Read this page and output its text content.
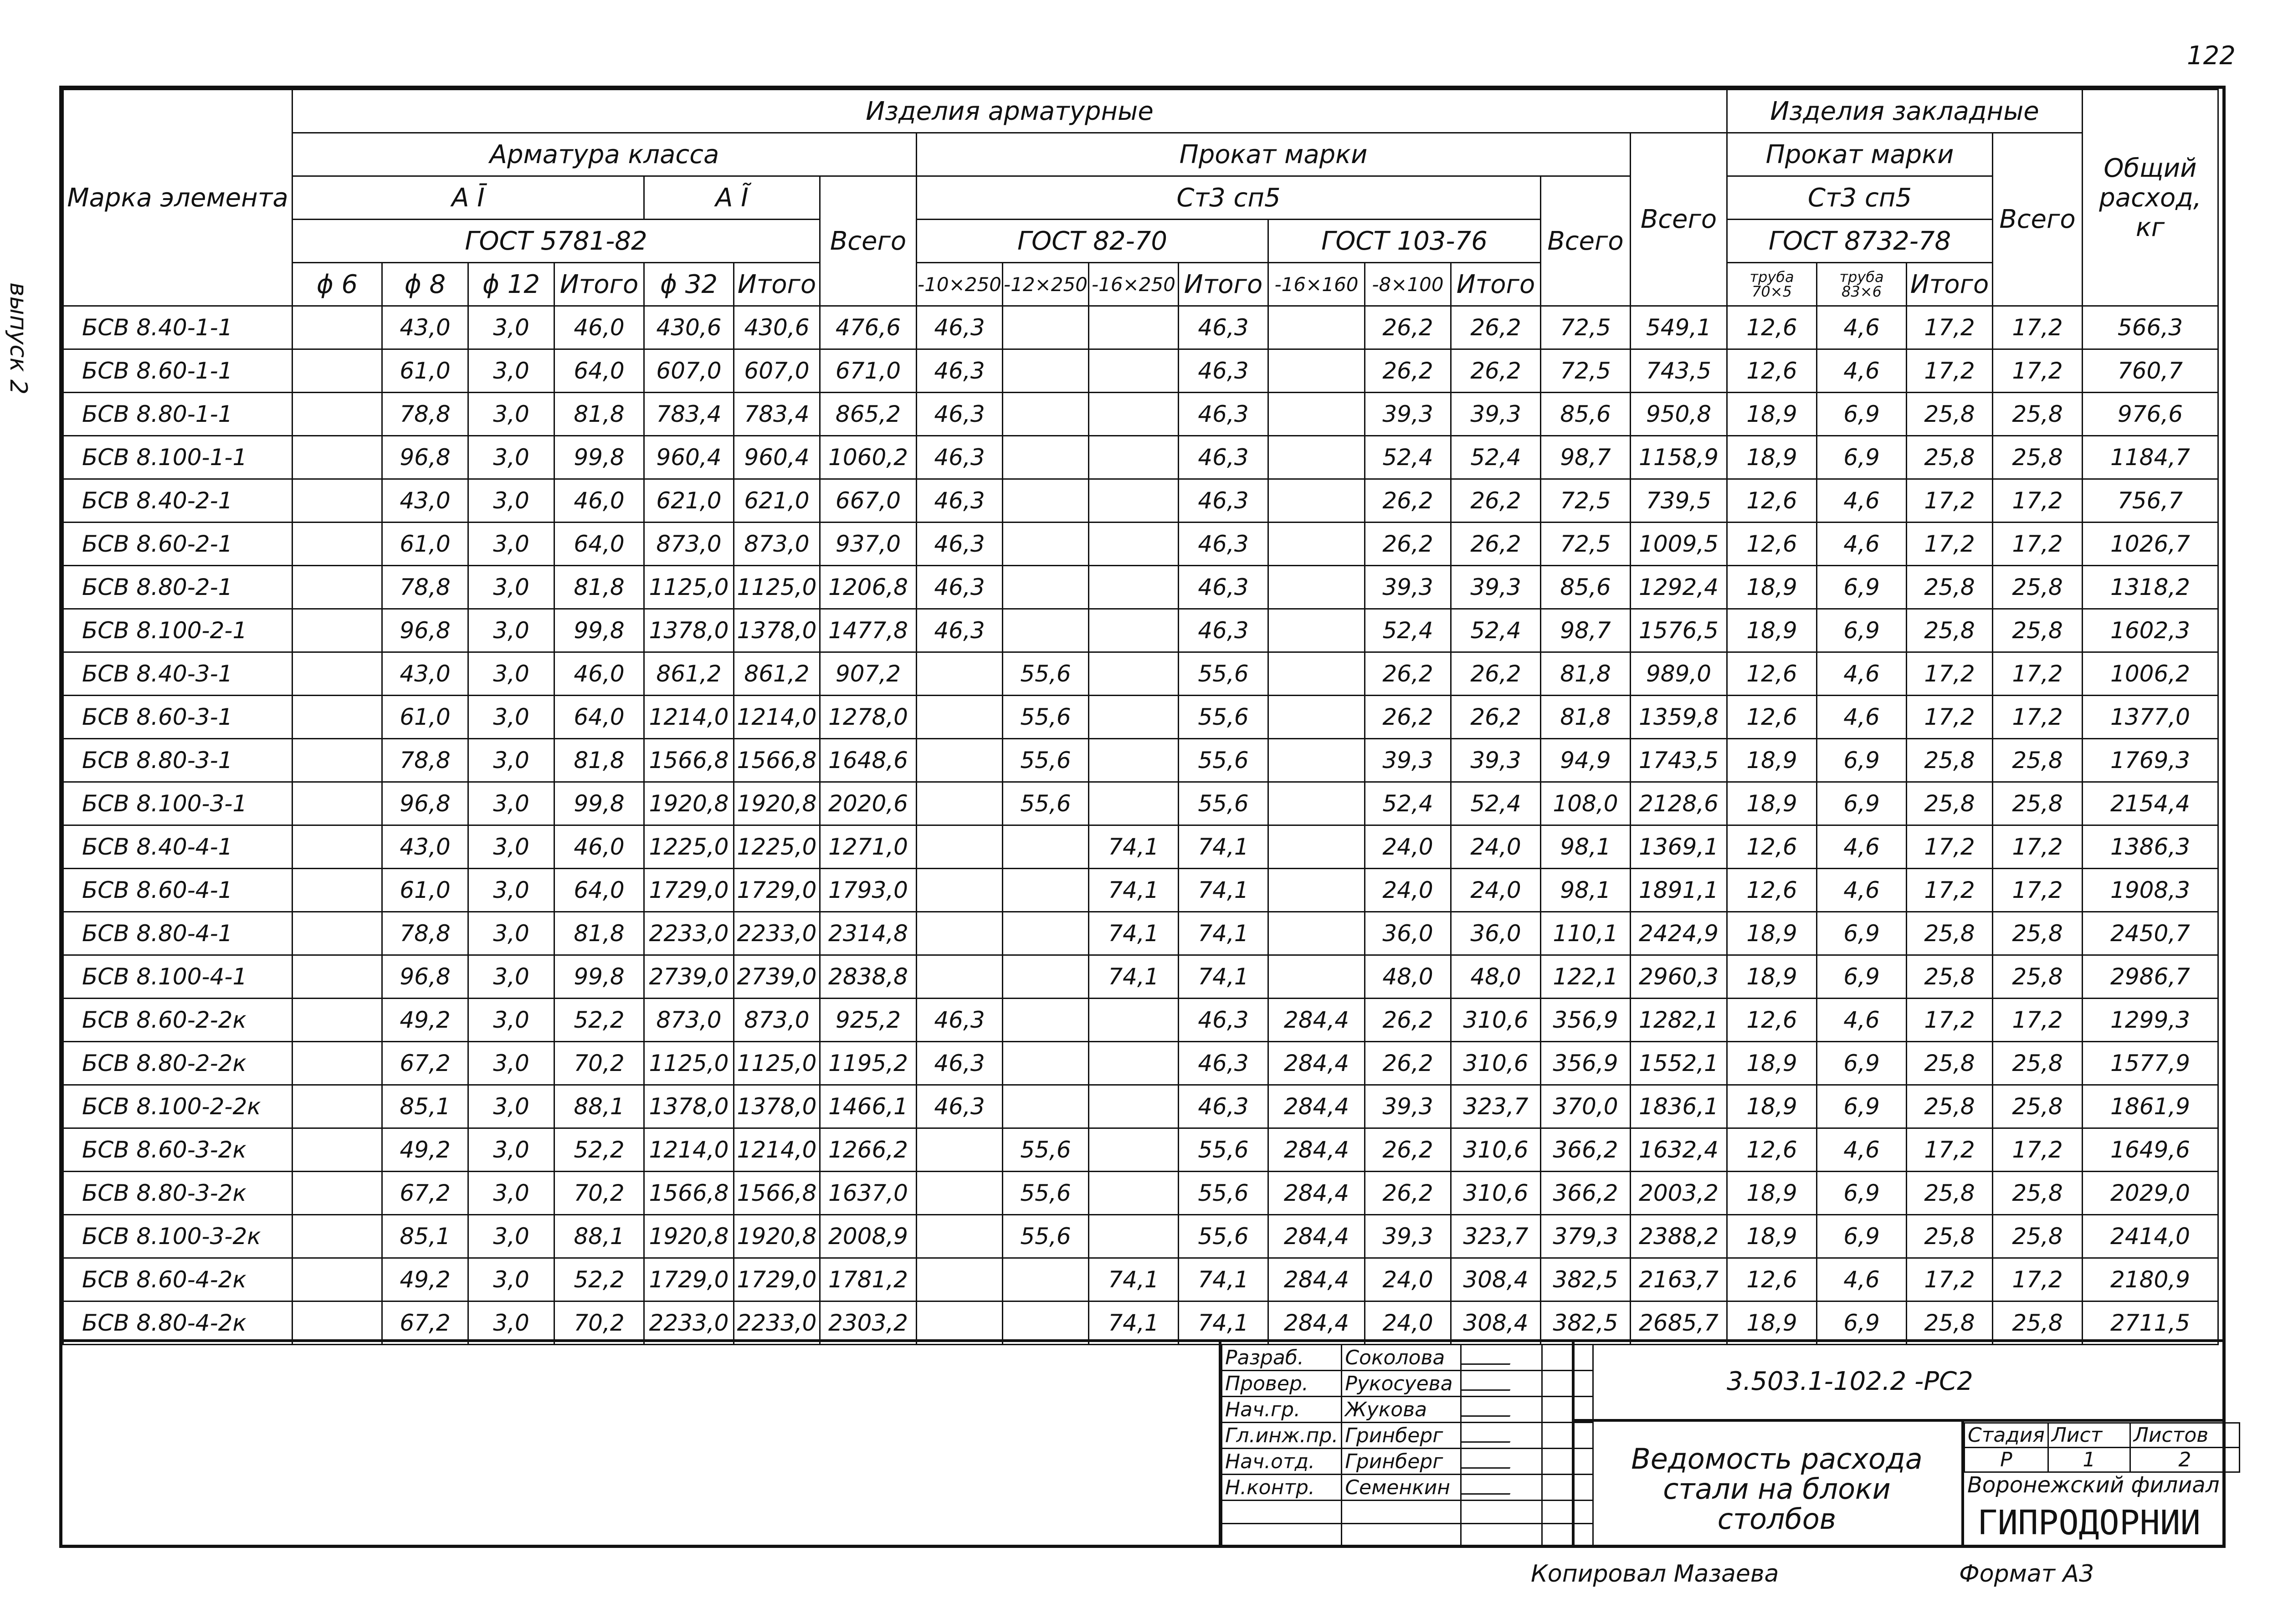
122
выпуск 2
Марка элемента	Изделия арматурные																Изделия закладные				Общий расход, кг
	Арматура класса							Прокат марки								Всего	Прокат марки			Всего	
	А Ī				А Ĩ		Всего	Ст3 сп5							Всего		Ст3 сп5				
	ГОСТ 5781-82							ГОСТ 82-70				ГОСТ 103-76					ГОСТ 8732-78				
	ϕ 6	ϕ 8	ϕ 12	Итого	ϕ 32	Итого		-10×250	-12×250	-16×250	Итого	-16×160	-8×100	Итого			труба 70×5	труба 83×6	Итого		
БСВ 8.40-1-1		43,0	3,0	46,0	430,6	430,6	476,6	46,3			46,3		26,2	26,2	72,5	549,1	12,6	4,6	17,2	17,2	566,3
БСВ 8.60-1-1		61,0	3,0	64,0	607,0	607,0	671,0	46,3			46,3		26,2	26,2	72,5	743,5	12,6	4,6	17,2	17,2	760,7
БСВ 8.80-1-1		78,8	3,0	81,8	783,4	783,4	865,2	46,3			46,3		39,3	39,3	85,6	950,8	18,9	6,9	25,8	25,8	976,6
БСВ 8.100-1-1		96,8	3,0	99,8	960,4	960,4	1060,2	46,3			46,3		52,4	52,4	98,7	1158,9	18,9	6,9	25,8	25,8	1184,7
БСВ 8.40-2-1		43,0	3,0	46,0	621,0	621,0	667,0	46,3			46,3		26,2	26,2	72,5	739,5	12,6	4,6	17,2	17,2	756,7
БСВ 8.60-2-1		61,0	3,0	64,0	873,0	873,0	937,0	46,3			46,3		26,2	26,2	72,5	1009,5	12,6	4,6	17,2	17,2	1026,7
БСВ 8.80-2-1		78,8	3,0	81,8	1125,0	1125,0	1206,8	46,3			46,3		39,3	39,3	85,6	1292,4	18,9	6,9	25,8	25,8	1318,2
БСВ 8.100-2-1		96,8	3,0	99,8	1378,0	1378,0	1477,8	46,3			46,3		52,4	52,4	98,7	1576,5	18,9	6,9	25,8	25,8	1602,3
БСВ 8.40-3-1		43,0	3,0	46,0	861,2	861,2	907,2		55,6		55,6		26,2	26,2	81,8	989,0	12,6	4,6	17,2	17,2	1006,2
БСВ 8.60-3-1		61,0	3,0	64,0	1214,0	1214,0	1278,0		55,6		55,6		26,2	26,2	81,8	1359,8	12,6	4,6	17,2	17,2	1377,0
БСВ 8.80-3-1		78,8	3,0	81,8	1566,8	1566,8	1648,6		55,6		55,6		39,3	39,3	94,9	1743,5	18,9	6,9	25,8	25,8	1769,3
БСВ 8.100-3-1		96,8	3,0	99,8	1920,8	1920,8	2020,6		55,6		55,6		52,4	52,4	108,0	2128,6	18,9	6,9	25,8	25,8	2154,4
БСВ 8.40-4-1		43,0	3,0	46,0	1225,0	1225,0	1271,0			74,1	74,1		24,0	24,0	98,1	1369,1	12,6	4,6	17,2	17,2	1386,3
БСВ 8.60-4-1		61,0	3,0	64,0	1729,0	1729,0	1793,0			74,1	74,1		24,0	24,0	98,1	1891,1	12,6	4,6	17,2	17,2	1908,3
БСВ 8.80-4-1		78,8	3,0	81,8	2233,0	2233,0	2314,8			74,1	74,1		36,0	36,0	110,1	2424,9	18,9	6,9	25,8	25,8	2450,7
БСВ 8.100-4-1		96,8	3,0	99,8	2739,0	2739,0	2838,8			74,1	74,1		48,0	48,0	122,1	2960,3	18,9	6,9	25,8	25,8	2986,7
БСВ 8.60-2-2к		49,2	3,0	52,2	873,0	873,0	925,2	46,3			46,3	284,4	26,2	310,6	356,9	1282,1	12,6	4,6	17,2	17,2	1299,3
БСВ 8.80-2-2к		67,2	3,0	70,2	1125,0	1125,0	1195,2	46,3			46,3	284,4	26,2	310,6	356,9	1552,1	18,9	6,9	25,8	25,8	1577,9
БСВ 8.100-2-2к		85,1	3,0	88,1	1378,0	1378,0	1466,1	46,3			46,3	284,4	39,3	323,7	370,0	1836,1	18,9	6,9	25,8	25,8	1861,9
БСВ 8.60-3-2к		49,2	3,0	52,2	1214,0	1214,0	1266,2		55,6		55,6	284,4	26,2	310,6	366,2	1632,4	12,6	4,6	17,2	17,2	1649,6
БСВ 8.80-3-2к		67,2	3,0	70,2	1566,8	1566,8	1637,0		55,6		55,6	284,4	26,2	310,6	366,2	2003,2	18,9	6,9	25,8	25,8	2029,0
БСВ 8.100-3-2к		85,1	3,0	88,1	1920,8	1920,8	2008,9		55,6		55,6	284,4	39,3	323,7	379,3	2388,2	18,9	6,9	25,8	25,8	2414,0
БСВ 8.60-4-2к		49,2	3,0	52,2	1729,0	1729,0	1781,2			74,1	74,1	284,4	24,0	308,4	382,5	2163,7	12,6	4,6	17,2	17,2	2180,9
БСВ 8.80-4-2к		67,2	3,0	70,2	2233,0	2233,0	2303,2			74,1	74,1	284,4	24,0	308,4	382,5	2685,7	18,9	6,9	25,8	25,8	2711,5
Разраб.	Соколова		
Провер.	Рукосуева		
Нач.гр.	Жукова		
Гл.инж.пр.	Гринберг		
Нач.отд.	Гринберг		
Н.контр.	Семенкин		

3.503.1-102.2 -РС2
Ведомость расхода стали на блоки столбов
Стадия	Лист	Листов
Р	1	2
Воронежский филиал
ГИПРОДОРНИИ
Копировал Мазаева	Формат А3
